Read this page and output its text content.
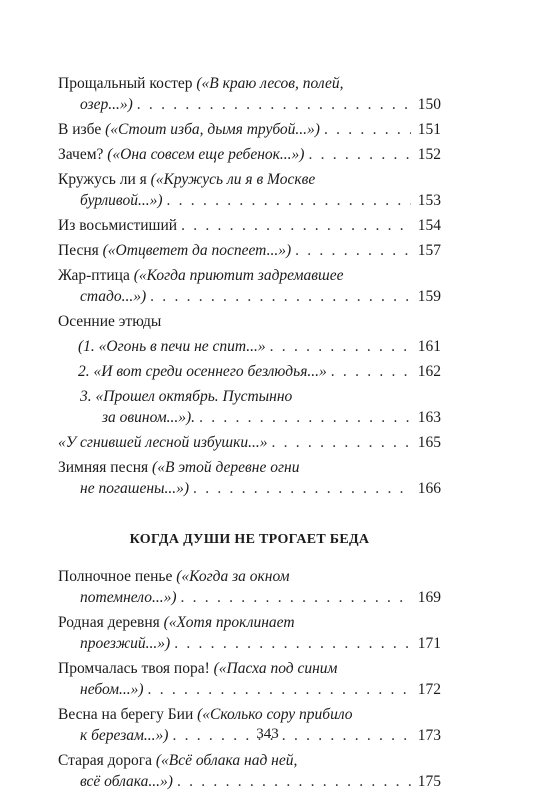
Прощальный костер («В краю лесов, полей,
озер...») . . .	150
В избе («Стоит изба, дымя трубой...») . . .	151
Зачем? («Она совсем еще ребенок...») . . .	152
Кружусь ли я («Кружусь ли я в Москве
бурливой...») . . .	153
Из восьмистиший . . .	154
Песня («Отцветет да поспеет...») . . .	157
Жар-птица («Когда приютит задремавшее
стадо...») . . .	159
Осенние этюды
(1. «Огонь в печи не спит...» . . .	161
2. «И вот среди осеннего безлюдья...» . . .	162
3. «Прошел октябрь. Пустынно
за овином...»). . . .	163
«У сгнившей лесной избушки...» . . .	165
Зимняя песня («В этой деревне огни
не погашены...») . . .	166
КОГДА ДУШИ НЕ ТРОГАЕТ БЕДА
Полночное пенье («Когда за окном
потемнело...») . . .	169
Родная деревня («Хотя проклинает
проезжий...») . . .	171
Промчалась твоя пора! («Пасха под синим
небом...») . . .	172
Весна на берегу Бии («Сколько сору прибило
к березам...») . . .	173
Старая дорога («Всё облака над ней,
всё облака...») . . .	175
343
